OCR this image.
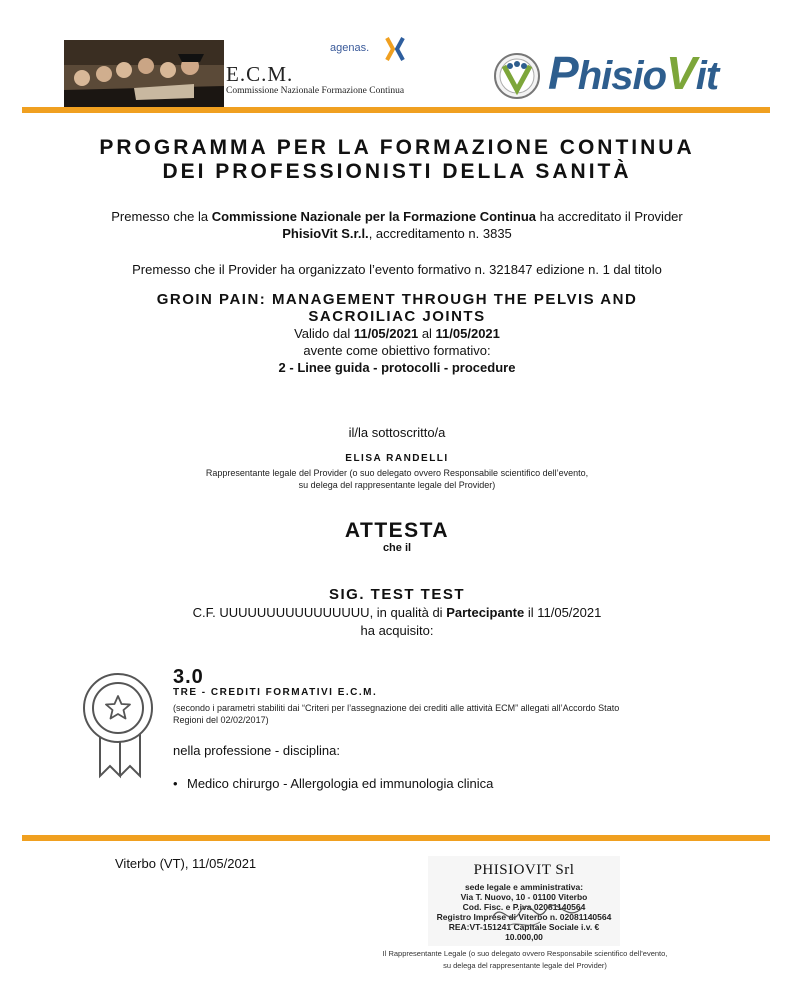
E.C.M.
Commissione Nazionale Formazione Continua
agenas.	PhisioVit
PROGRAMMA PER LA FORMAZIONE CONTINUA
DEI PROFESSIONISTI DELLA SANITÀ
Premesso che la Commissione Nazionale per la Formazione Continua ha accreditato il Provider
PhisioVit S.r.l., accreditamento n. 3835
Premesso che il Provider ha organizzato l’evento formativo n. 321847 edizione n. 1 dal titolo
GROIN PAIN: MANAGEMENT THROUGH THE PELVIS AND
SACROILIAC JOINTS
Valido dal 11/05/2021 al 11/05/2021
avente come obiettivo formativo:
2 - Linee guida - protocolli - procedure
il/la sottoscritto/a
ELISA RANDELLI
Rappresentante legale del Provider (o suo delegato ovvero Responsabile scientifico dell’evento,
su delega del rappresentante legale del Provider)
ATTESTA
che il
SIG. TEST TEST
C.F. UUUUUUUUUUUUUUUU, in qualità di Partecipante il 11/05/2021
ha acquisito:
3.0
TRE - CREDITI FORMATIVI E.C.M.
(secondo i parametri stabiliti dai “Criteri per l’assegnazione dei crediti alle attività ECM” allegati all’Accordo Stato
Regioni del 02/02/2017)
nella professione - disciplina:
• Medico chirurgo - Allergologia ed immunologia clinica
Viterbo (VT), 11/05/2021	PHISIOVIT Srl
sede legale e amministrativa:
Via T. Nuovo, 10 - 01100 Viterbo
Cod. Fisc. e P.iva 02081140564
Registro Imprese di Viterbo n. 02081140564
REA:VT-151241 Capitale Sociale i.v. € 10.000,00
Il Rappresentante Legale (o suo delegato ovvero Responsabile scientifico dell’evento,
su delega del rappresentante legale del Provider)
